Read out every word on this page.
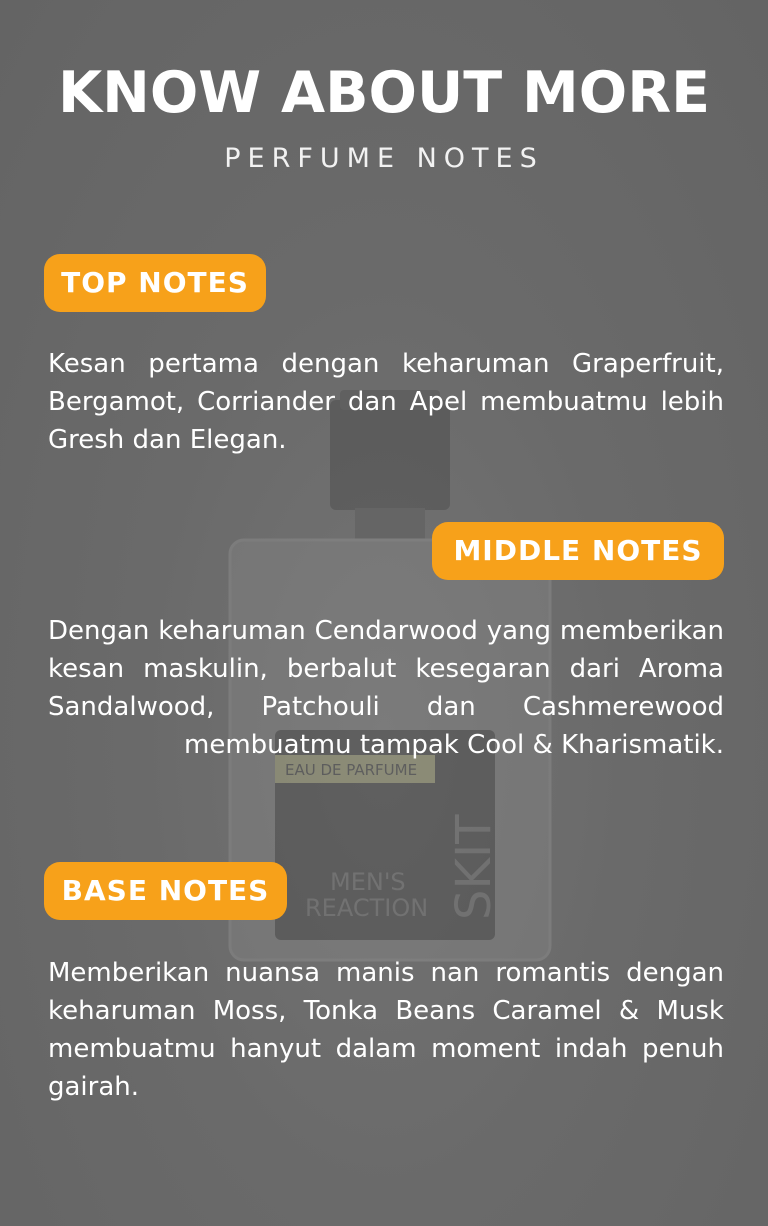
EAU DE PARFUME
MEN'S
REACTION SKIT
KNOW ABOUT MORE
PERFUME NOTES
TOP NOTES
Kesan pertama dengan keharuman Graperfruit, Bergamot, Corriander dan Apel membuatmu lebih Gresh dan Elegan.
MIDDLE NOTES
Dengan keharuman Cendarwood yang memberikan kesan maskulin, berbalut kesegaran dari Aroma Sandalwood, Patchouli dan Cashmerewood membuatmu tampak Cool & Kharismatik.
BASE NOTES
Memberikan nuansa manis nan romantis dengan keharuman Moss, Tonka Beans Caramel & Musk membuatmu hanyut dalam moment indah penuh gairah.
